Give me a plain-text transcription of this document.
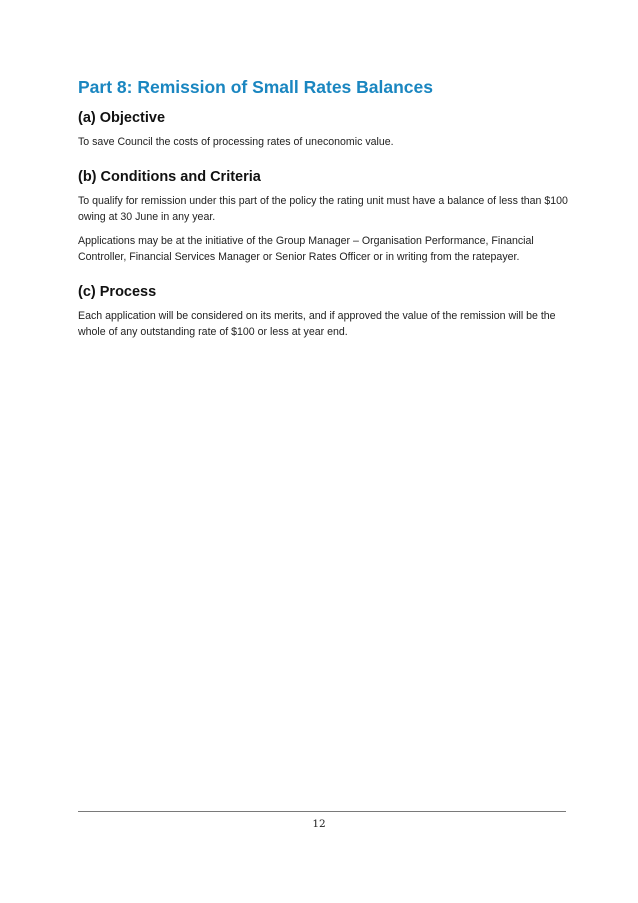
Part 8: Remission of Small Rates Balances
(a) Objective

To save Council the costs of processing rates of uneconomic value.

(b) Conditions and Criteria

To qualify for remission under this part of the policy the rating unit must have a balance of less than $100 owing at 30 June in any year.

Applications may be at the initiative of the Group Manager – Organisation Performance, Financial Controller, Financial Services Manager or Senior Rates Officer or in writing from the ratepayer.

(c) Process

Each application will be considered on its merits, and if approved the value of the remission will be the whole of any outstanding rate of $100 or less at year end.

12
